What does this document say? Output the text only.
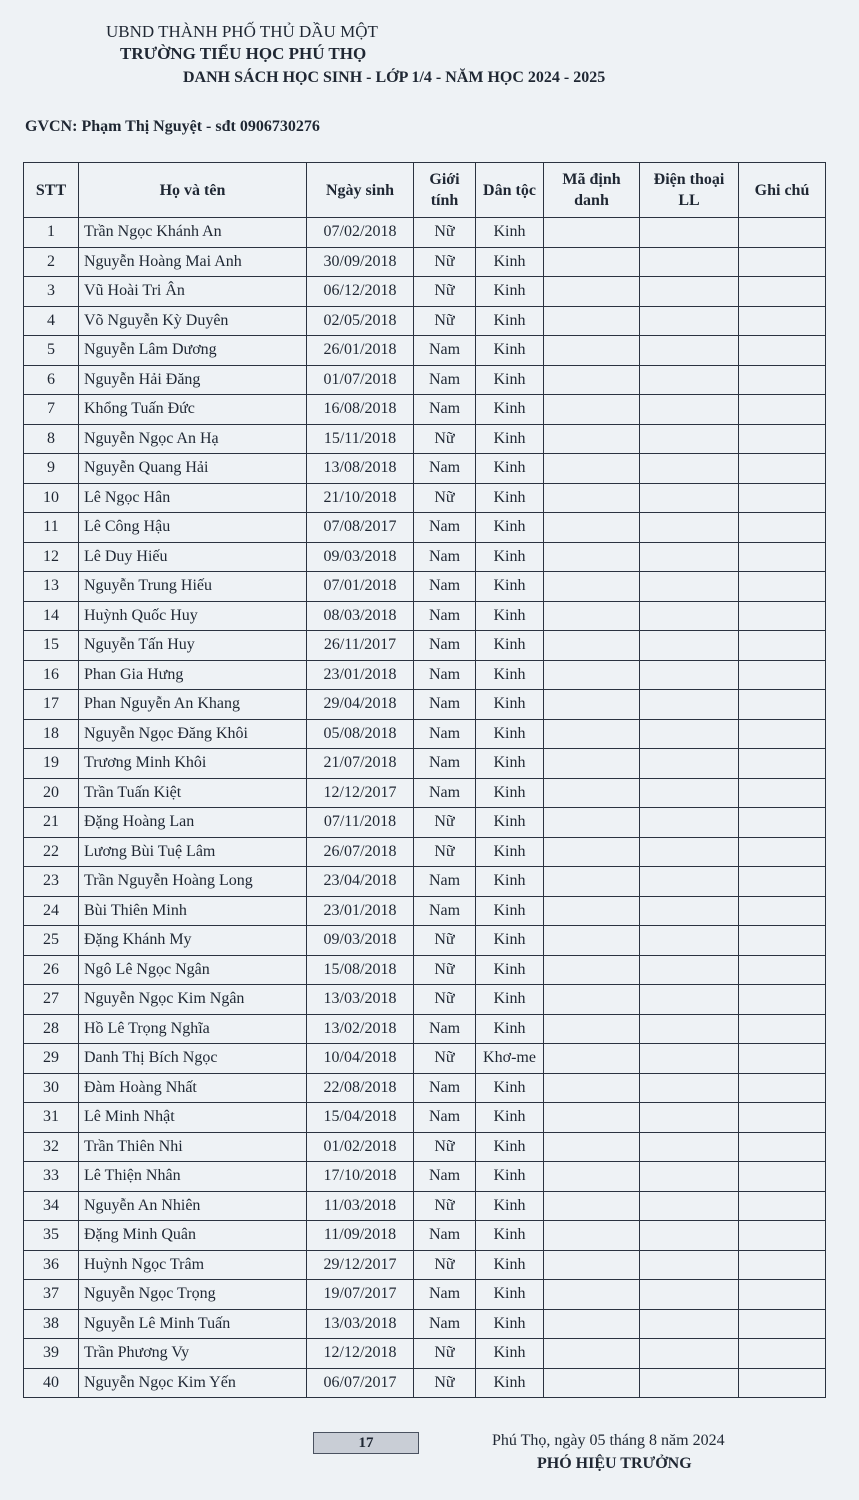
UBND THÀNH PHỐ THỦ DẦU MỘT
TRƯỜNG TIỂU HỌC PHÚ THỌ
DANH SÁCH HỌC SINH - LỚP 1/4 - NĂM HỌC 2024 - 2025
GVCN: Phạm Thị Nguyệt - sđt 0906730276
STT	Họ và tên	Ngày sinh	Giới tính	Dân tộc	Mã định danh	Điện thoại LL	Ghi chú
1	Trần Ngọc Khánh An	07/02/2018	Nữ	Kinh			
2	Nguyễn Hoàng Mai Anh	30/09/2018	Nữ	Kinh			
3	Vũ Hoài Tri Ân	06/12/2018	Nữ	Kinh			
4	Võ Nguyễn Kỳ Duyên	02/05/2018	Nữ	Kinh			
5	Nguyễn Lâm Dương	26/01/2018	Nam	Kinh			
6	Nguyễn Hải Đăng	01/07/2018	Nam	Kinh			
7	Khổng Tuấn Đức	16/08/2018	Nam	Kinh			
8	Nguyễn Ngọc An Hạ	15/11/2018	Nữ	Kinh			
9	Nguyễn Quang Hải	13/08/2018	Nam	Kinh			
10	Lê Ngọc Hân	21/10/2018	Nữ	Kinh			
11	Lê Công Hậu	07/08/2017	Nam	Kinh			
12	Lê Duy Hiếu	09/03/2018	Nam	Kinh			
13	Nguyễn Trung Hiếu	07/01/2018	Nam	Kinh			
14	Huỳnh Quốc Huy	08/03/2018	Nam	Kinh			
15	Nguyễn Tấn Huy	26/11/2017	Nam	Kinh			
16	Phan Gia Hưng	23/01/2018	Nam	Kinh			
17	Phan Nguyễn An Khang	29/04/2018	Nam	Kinh			
18	Nguyễn Ngọc Đăng Khôi	05/08/2018	Nam	Kinh			
19	Trương Minh Khôi	21/07/2018	Nam	Kinh			
20	Trần Tuấn Kiệt	12/12/2017	Nam	Kinh			
21	Đặng Hoàng Lan	07/11/2018	Nữ	Kinh			
22	Lương Bùi Tuệ Lâm	26/07/2018	Nữ	Kinh			
23	Trần Nguyễn Hoàng Long	23/04/2018	Nam	Kinh			
24	Bùi Thiên Minh	23/01/2018	Nam	Kinh			
25	Đặng Khánh My	09/03/2018	Nữ	Kinh			
26	Ngô Lê Ngọc Ngân	15/08/2018	Nữ	Kinh			
27	Nguyễn Ngọc Kim Ngân	13/03/2018	Nữ	Kinh			
28	Hồ Lê Trọng Nghĩa	13/02/2018	Nam	Kinh			
29	Danh Thị Bích Ngọc	10/04/2018	Nữ	Khơ-me			
30	Đàm Hoàng Nhất	22/08/2018	Nam	Kinh			
31	Lê Minh Nhật	15/04/2018	Nam	Kinh			
32	Trần Thiên Nhi	01/02/2018	Nữ	Kinh			
33	Lê Thiện Nhân	17/10/2018	Nam	Kinh			
34	Nguyễn An Nhiên	11/03/2018	Nữ	Kinh			
35	Đặng Minh Quân	11/09/2018	Nam	Kinh			
36	Huỳnh Ngọc Trâm	29/12/2017	Nữ	Kinh			
37	Nguyễn Ngọc Trọng	19/07/2017	Nam	Kinh			
38	Nguyễn Lê Minh Tuấn	13/03/2018	Nam	Kinh			
39	Trần Phương Vy	12/12/2018	Nữ	Kinh			
40	Nguyễn Ngọc Kim Yến	06/07/2017	Nữ	Kinh			
17	Phú Thọ, ngày 05 tháng 8 năm 2024
PHÓ HIỆU TRƯỞNG
